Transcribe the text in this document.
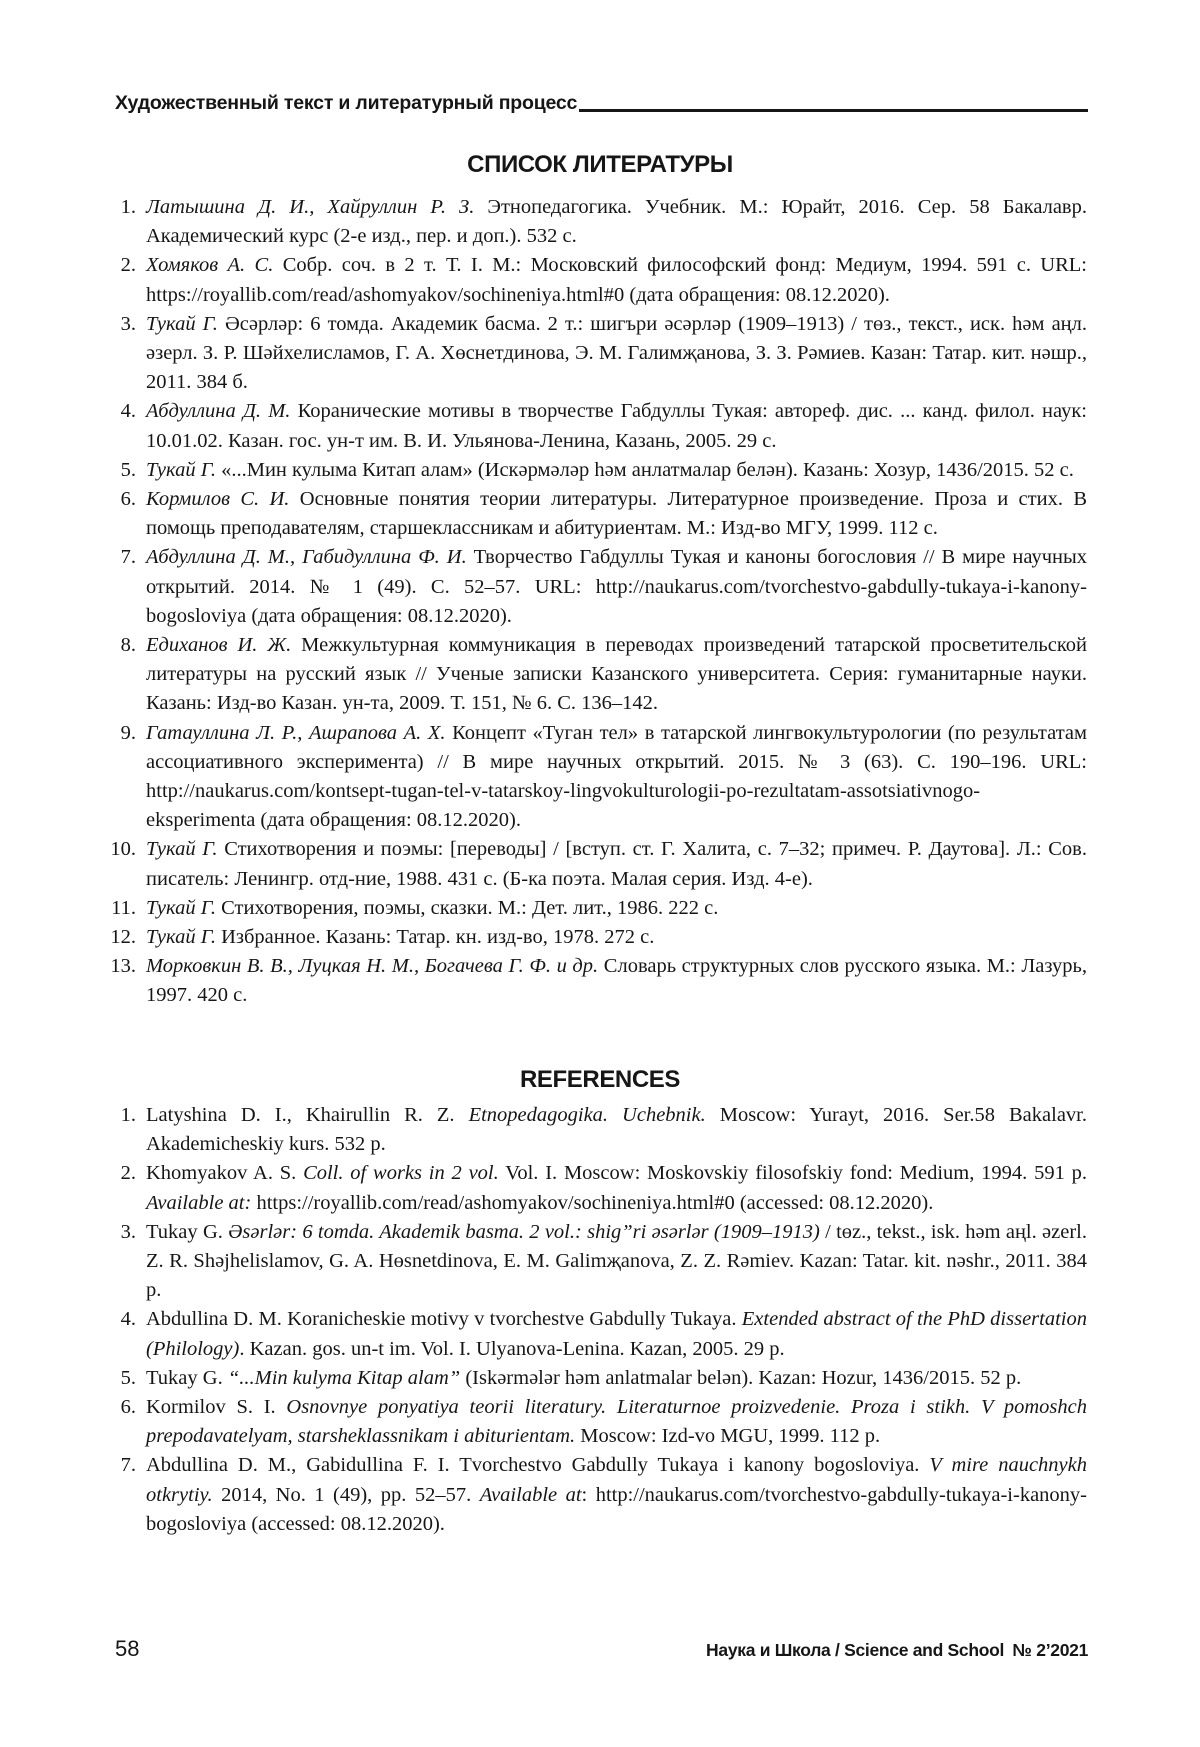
Художественный текст и литературный процесс
СПИСОК ЛИТЕРАТУРЫ
1. Латышина Д. И., Хайруллин Р. З. Этнопедагогика. Учебник. М.: Юрайт, 2016. Сер. 58 Бакалавр. Академический курс (2-е изд., пер. и доп.). 532 с.
2. Хомяков А. С. Собр. соч. в 2 т. Т. I. М.: Московский философский фонд: Медиум, 1994. 591 с. URL: https://royallib.com/read/ashomyakov/sochineniya.html#0 (дата обращения: 08.12.2020).
3. Тукай Г. Әсәрләр: 6 томда. Академик басма. 2 т.: шигъри әсәрләр (1909–1913) / төз., текст., иск. һәм аңл. әзерл. З. Р. Шәйхелисламов, Г. А. Хөснетдинова, Э. М. Галимҗанова, З. З. Рәмиев. Казан: Татар. кит. нәшр., 2011. 384 б.
4. Абдуллина Д. М. Коранические мотивы в творчестве Габдуллы Тукая: автореф. дис. ... канд. филол. наук: 10.01.02. Казан. гос. ун-т им. В. И. Ульянова-Ленина, Казань, 2005. 29 с.
5. Тукай Г. «...Мин кулыма Китап алам» (Искәрмәләр һәм анлатмалар белән). Казань: Хозур, 1436/2015. 52 с.
6. Кормилов С. И. Основные понятия теории литературы. Литературное произведение. Проза и стих. В помощь преподавателям, старшеклассникам и абитуриентам. М.: Изд-во МГУ, 1999. 112 с.
7. Абдуллина Д. М., Габидуллина Ф. И. Творчество Габдуллы Тукая и каноны богословия // В мире научных открытий. 2014. № 1 (49). С. 52–57. URL: http://naukarus.com/tvorchestvo-gabdully-tukaya-i-kanony-bogosloviya (дата обращения: 08.12.2020).
8. Едиханов И. Ж. Межкультурная коммуникация в переводах произведений татарской просветительской литературы на русский язык // Ученые записки Казанского университета. Серия: гуманитарные науки. Казань: Изд-во Казан. ун-та, 2009. Т. 151, № 6. С. 136–142.
9. Гатауллина Л. Р., Ашрапова А. Х. Концепт «Туган тел» в татарской лингвокультурологии (по результатам ассоциативного эксперимента) // В мире научных открытий. 2015. № 3 (63). С. 190–196. URL: http://naukarus.com/kontsept-tugan-tel-v-tatarskoy-lingvokulturologii-po-rezultatam-assotsiativnogo-eksperimenta (дата обращения: 08.12.2020).
10. Тукай Г. Стихотворения и поэмы: [переводы] / [вступ. ст. Г. Халита, с. 7–32; примеч. Р. Даутова]. Л.: Сов. писатель: Ленингр. отд-ние, 1988. 431 с. (Б-ка поэта. Малая серия. Изд. 4-е).
11. Тукай Г. Стихотворения, поэмы, сказки. М.: Дет. лит., 1986. 222 с.
12. Тукай Г. Избранное. Казань: Татар. кн. изд-во, 1978. 272 с.
13. Морковкин В. В., Луцкая Н. М., Богачева Г. Ф. и др. Словарь структурных слов русского языка. М.: Лазурь, 1997. 420 с.
REFERENCES
1. Latyshina D. I., Khairullin R. Z. Etnopedagogika. Uchebnik. Moscow: Yurayt, 2016. Ser.58 Bakalavr. Akademicheskiy kurs. 532 p.
2. Khomyakov A. S. Coll. of works in 2 vol. Vol. I. Moscow: Moskovskiy filosofskiy fond: Medium, 1994. 591 p. Available at: https://royallib.com/read/ashomyakov/sochineniya.html#0 (accessed: 08.12.2020).
3. Tukay G. Әsәrlәr: 6 tomda. Akademik basma. 2 vol.: shig”ri әsәrlәr (1909–1913) / tөz., tekst., isk. һәm aңl. әzerl. Z. R. Shәjhelislamov, G. A. Hөsnetdinova, E. M. Galimҗanova, Z. Z. Rәmiev. Kazan: Tatar. kit. nәshr., 2011. 384 p.
4. Abdullina D. M. Koranicheskie motivy v tvorchestve Gabdully Tukaya. Extended abstract of the PhD dissertation (Philology). Kazan. gos. un-t im. Vol. I. Ulyanova-Lenina. Kazan, 2005. 29 p.
5. Tukay G. “...Min kulyma Kitap alam” (Iskәrmәlәr һәm anlatmalar belәn). Kazan: Hozur, 1436/2015. 52 p.
6. Kormilov S. I. Osnovnye ponyatiya teorii literatury. Literaturnoe proizvedenie. Proza i stikh. V pomoshch prepodavatelyam, starsheklassnikam i abiturientam. Moscow: Izd-vo MGU, 1999. 112 p.
7. Abdullina D. M., Gabidullina F. I. Tvorchestvo Gabdully Tukaya i kanony bogosloviya. V mire nauchnykh otkrytiy. 2014, No. 1 (49), pp. 52–57. Available at: http://naukarus.com/tvorchestvo-gabdully-tukaya-i-kanony-bogosloviya (accessed: 08.12.2020).
58	Наука и Школа / Science and School № 2’2021
